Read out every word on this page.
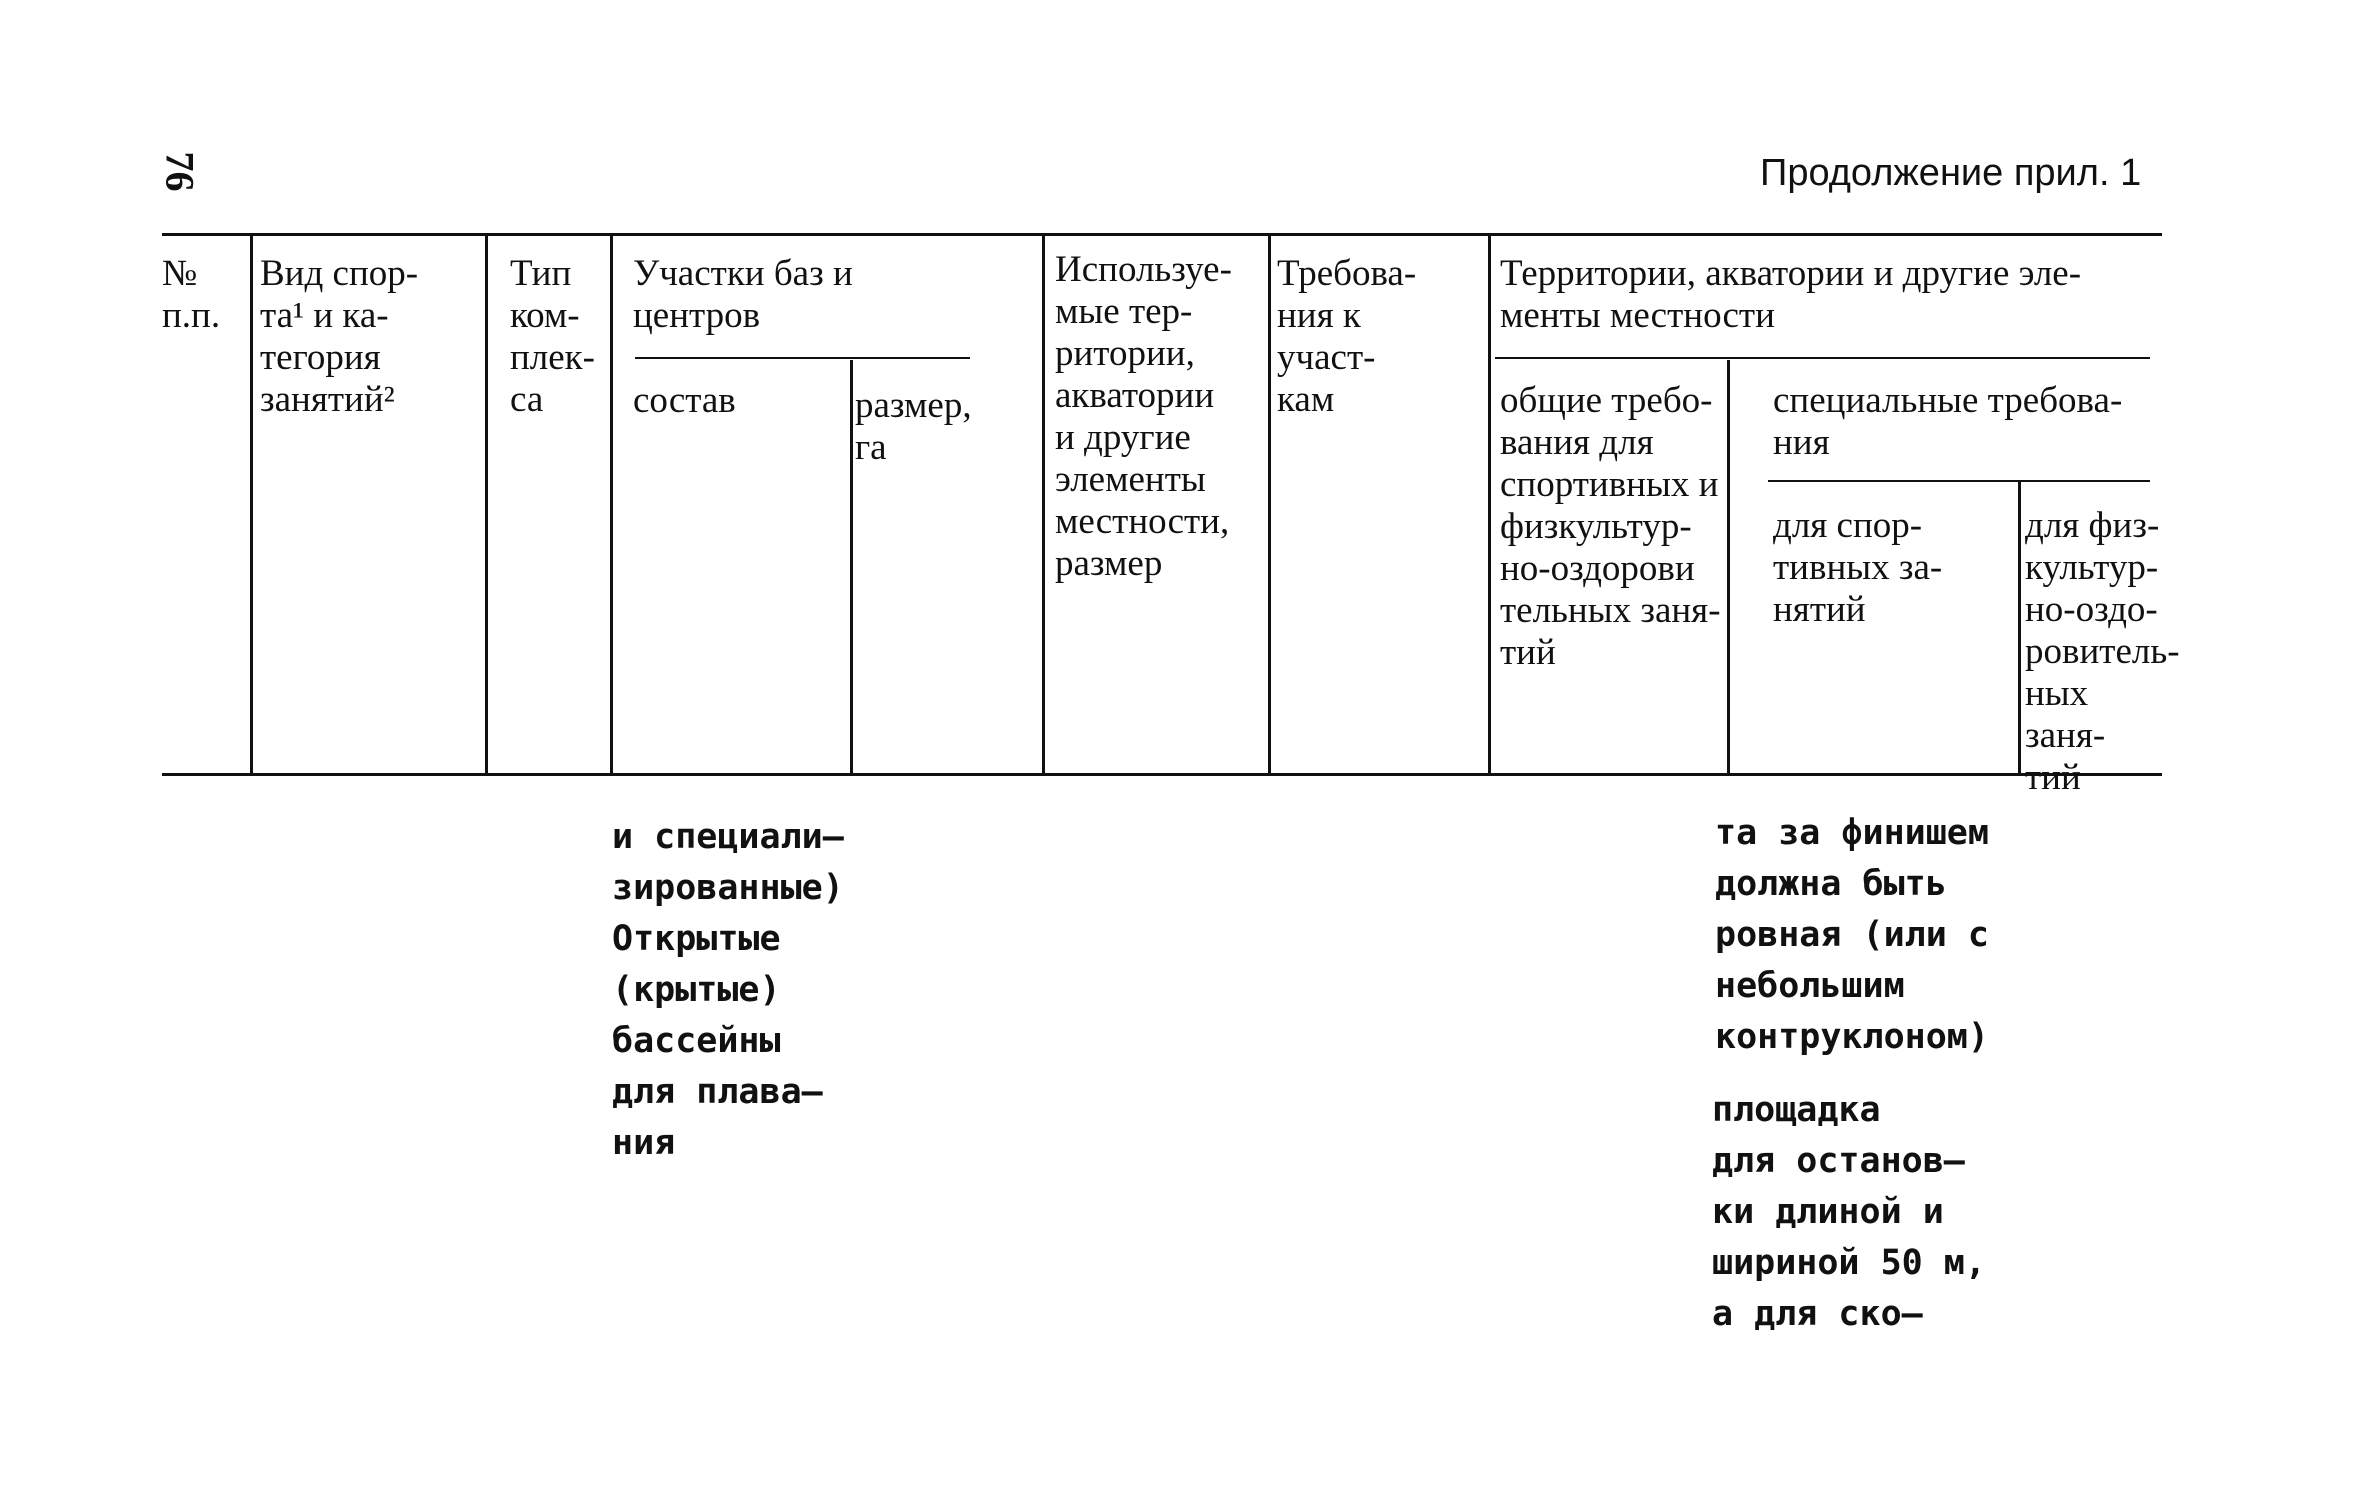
76	Продолжение прил. 1
№
п.п.
Вид спор-
та¹ и ка-
тегория
занятий²
Тип
ком-
плек-
са
Участки баз и
центров
состав	размер,
га
Используе-
мые тер-
ритории,
акватории
и другие
элементы
местности,
размер
Требова-
ния к
участ-
кам
Территории, акватории и другие эле-
менты местности
общие требо-
вания для
спортивных и
физкультур-
но-оздорови
тельных заня-
тий
специальные требова-
ния
для спор-
тивных за-
нятий
для физ-
культур-
но-оздо-
ровитель-
ных заня-
тий
и специали–
зированные)
Открытые
(крытые)
бассейны
для плава–
ния
та за финишем
должна быть
ровная (или с
небольшим
контруклоном)
площадка
для останов–
ки длиной и
шириной 50 м,
а для ско–
